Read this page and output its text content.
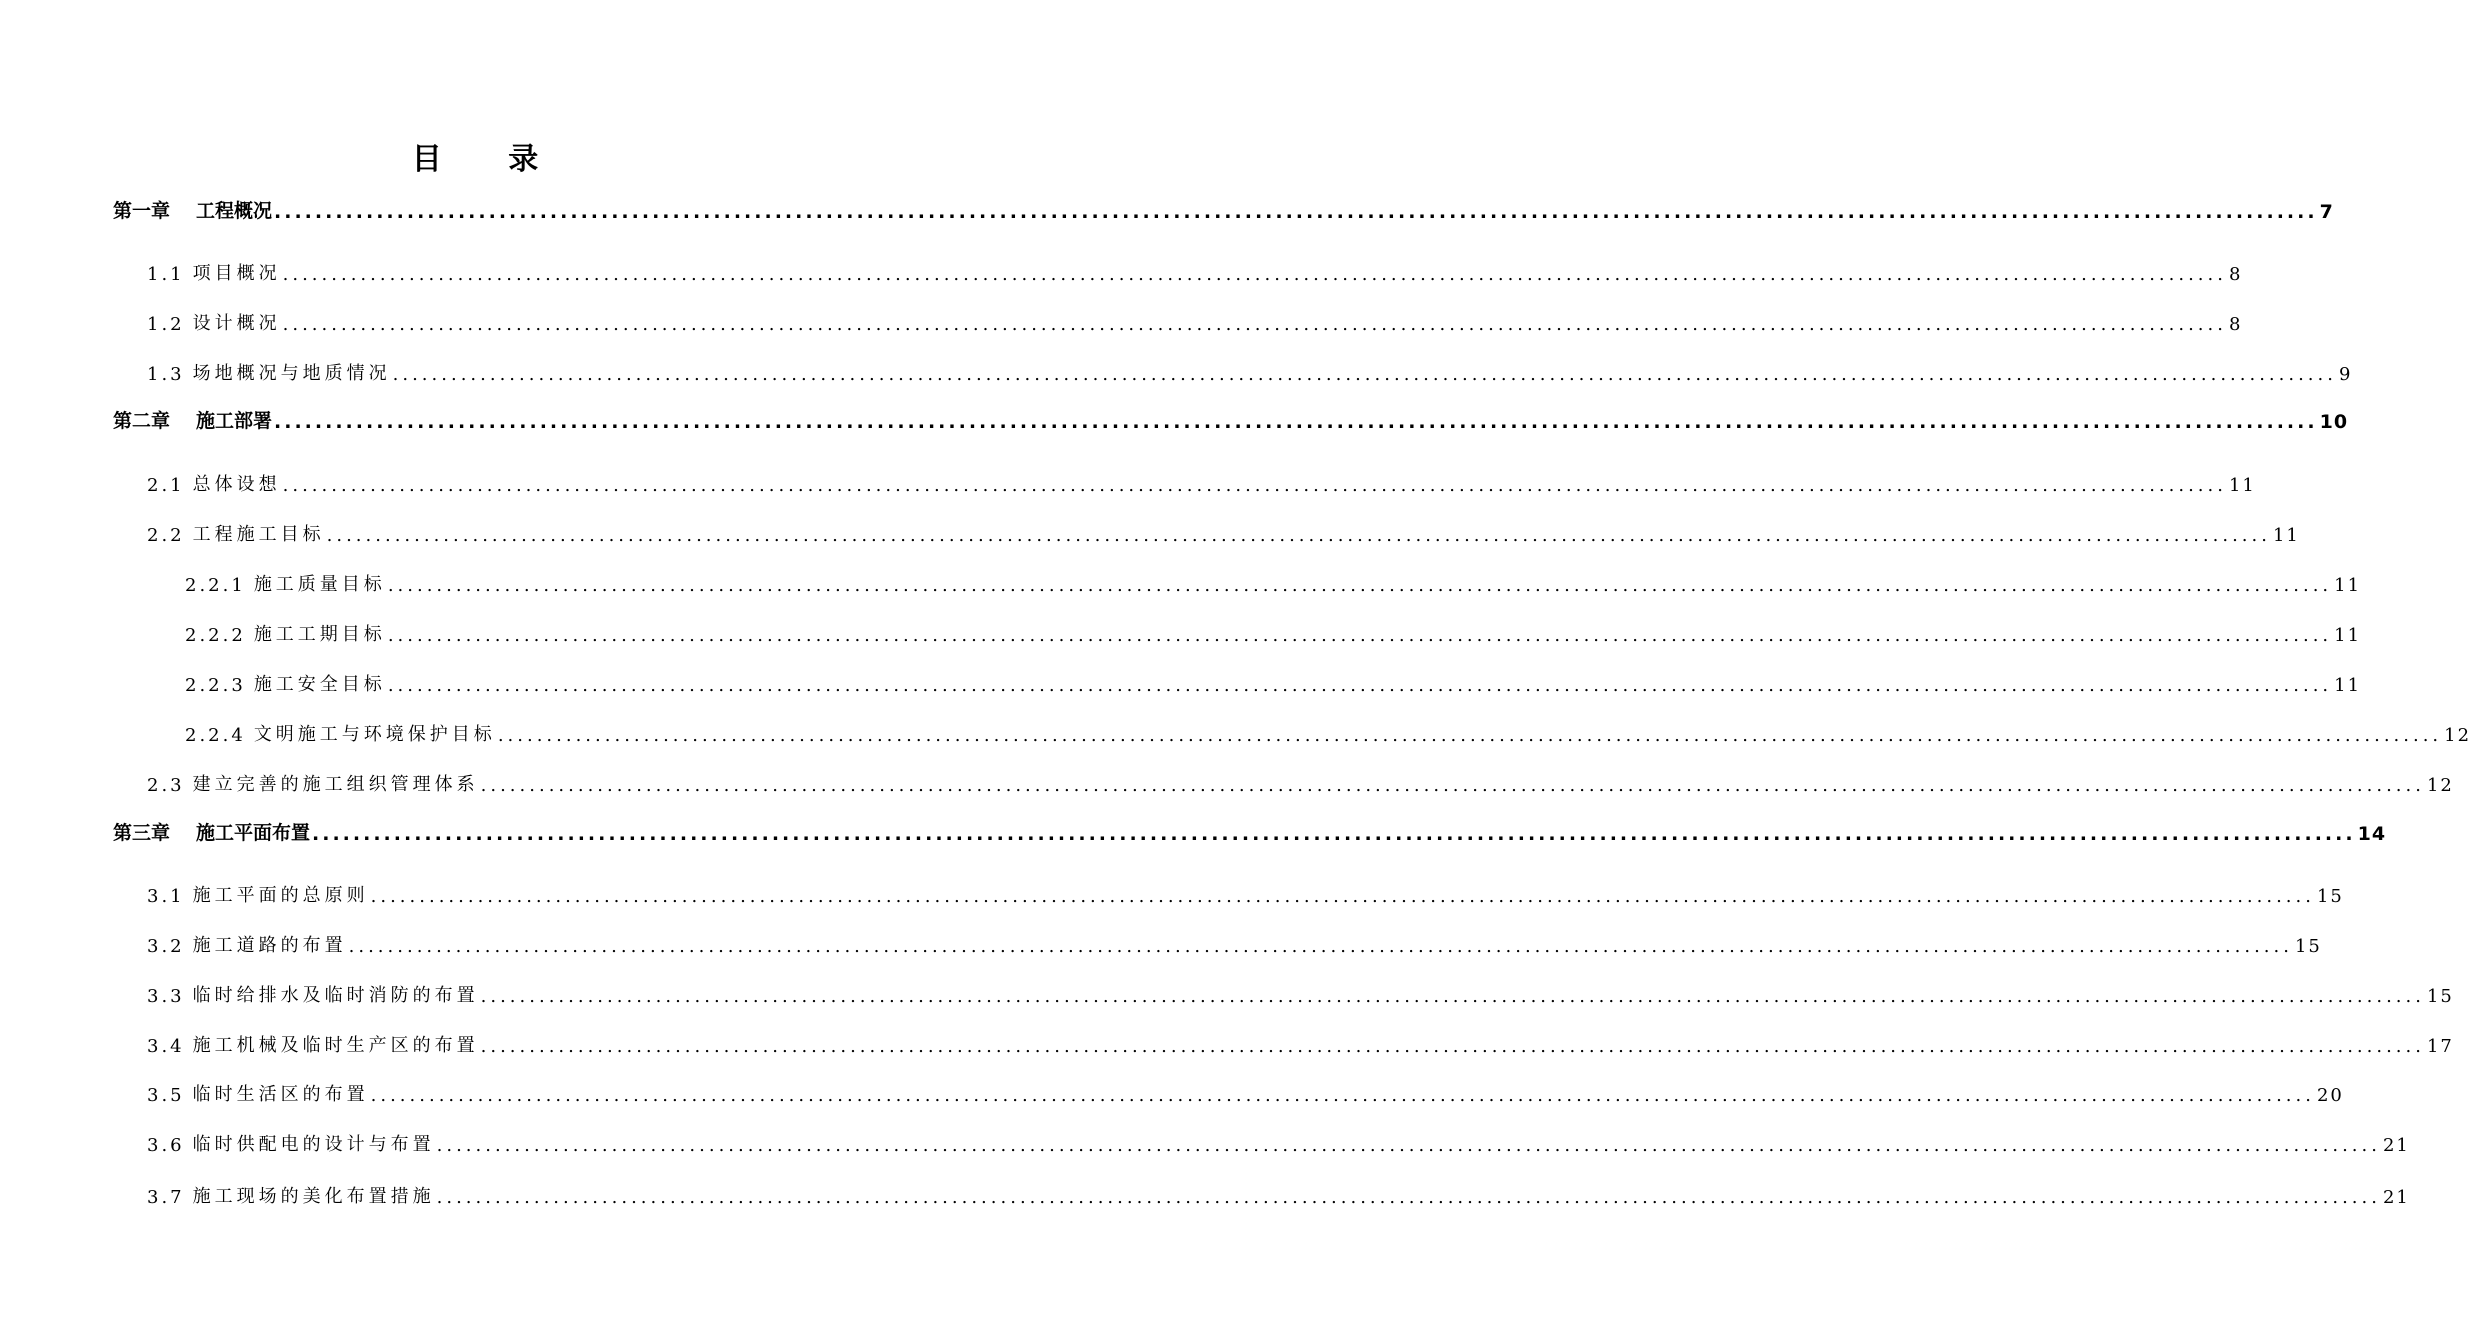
目 录
第一章 工程概况 ........................................................................................................................................................................................................ 7
1.1 项目概况 ........................................................................................................................................................................................................ 8
1.2 设计概况 ........................................................................................................................................................................................................ 8
1.3 场地概况与地质情况 ........................................................................................................................................................................................................ 9
第二章 施工部署 ........................................................................................................................................................................................................ 10
2.1 总体设想 ........................................................................................................................................................................................................ 11
2.2 工程施工目标 ........................................................................................................................................................................................................ 11
2.2.1 施工质量目标 ........................................................................................................................................................................................................ 11
2.2.2 施工工期目标 ........................................................................................................................................................................................................ 11
2.2.3 施工安全目标 ........................................................................................................................................................................................................ 11
2.2.4 文明施工与环境保护目标 ........................................................................................................................................................................................................ 12
2.3 建立完善的施工组织管理体系 ........................................................................................................................................................................................................ 12
第三章 施工平面布置 ........................................................................................................................................................................................................ 14
3.1 施工平面的总原则 ........................................................................................................................................................................................................ 15
3.2 施工道路的布置 ........................................................................................................................................................................................................ 15
3.3 临时给排水及临时消防的布置 ........................................................................................................................................................................................................ 15
3.4 施工机械及临时生产区的布置 ........................................................................................................................................................................................................ 17
3.5 临时生活区的布置 ........................................................................................................................................................................................................ 20
3.6 临时供配电的设计与布置 ........................................................................................................................................................................................................ 21
3.7 施工现场的美化布置措施 ........................................................................................................................................................................................................ 21
